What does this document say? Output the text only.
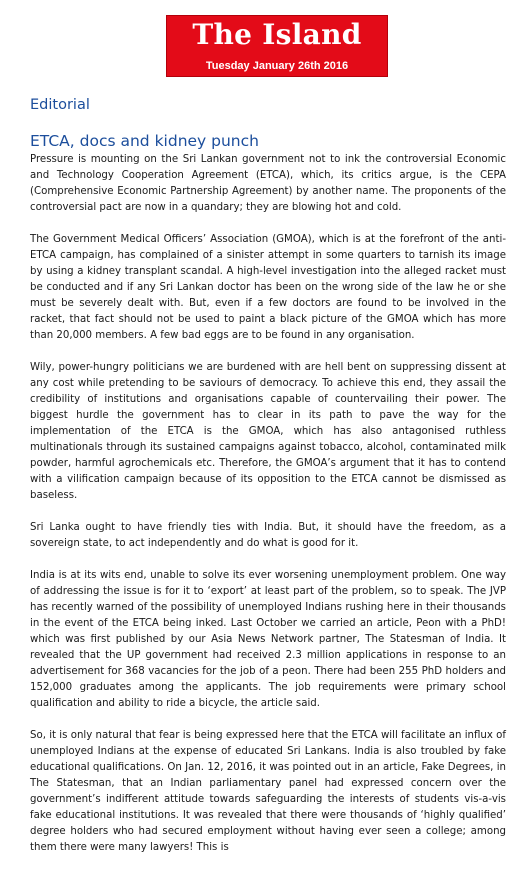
The Island
Tuesday January 26th 2016
Editorial
ETCA, docs and kidney punch

Pressure is mounting on the Sri Lankan government not to ink the controversial Economic and Technology Cooperation Agreement (ETCA), which, its critics argue, is the CEPA (Comprehensive Economic Partnership Agreement) by another name. The proponents of the controversial pact are now in a quandary; they are blowing hot and cold.

The Government Medical Officers’ Association (GMOA), which is at the forefront of the anti-ETCA campaign, has complained of a sinister attempt in some quarters to tarnish its image by using a kidney transplant scandal. A high-level investigation into the alleged racket must be conducted and if any Sri Lankan doctor has been on the wrong side of the law he or she must be severely dealt with. But, even if a few doctors are found to be involved in the racket, that fact should not be used to paint a black picture of the GMOA which has more than 20,000 members. A few bad eggs are to be found in any organisation.

Wily, power-hungry politicians we are burdened with are hell bent on suppressing dissent at any cost while pretending to be saviours of democracy. To achieve this end, they assail the credibility of institutions and organisations capable of countervailing their power. The biggest hurdle the government has to clear in its path to pave the way for the implementation of the ETCA is the GMOA, which has also antagonised ruthless multinationals through its sustained campaigns against tobacco, alcohol, contaminated milk powder, harmful agrochemicals etc. Therefore, the GMOA’s argument that it has to contend with a vilification campaign because of its opposition to the ETCA cannot be dismissed as baseless.

Sri Lanka ought to have friendly ties with India. But, it should have the freedom, as a sovereign state, to act independently and do what is good for it.

India is at its wits end, unable to solve its ever worsening unemployment problem. One way of addressing the issue is for it to ‘export’ at least part of the problem, so to speak. The JVP has recently warned of the possibility of unemployed Indians rushing here in their thousands in the event of the ETCA being inked. Last October we carried an article, Peon with a PhD! which was first published by our Asia News Network partner, The Statesman of India. It revealed that the UP government had received 2.3 million applications in response to an advertisement for 368 vacancies for the job of a peon. There had been 255 PhD holders and 152,000 graduates among the applicants. The job requirements were primary school qualification and ability to ride a bicycle, the article said.

So, it is only natural that fear is being expressed here that the ETCA will facilitate an influx of unemployed Indians at the expense of educated Sri Lankans. India is also troubled by fake educational qualifications. On Jan. 12, 2016, it was pointed out in an article, Fake Degrees, in The Statesman, that an Indian parliamentary panel had expressed concern over the government’s indifferent attitude towards safeguarding the interests of students vis-a-vis fake educational institutions. It was revealed that there were thousands of ‘highly qualified’ degree holders who had secured employment without having ever seen a college; among them there were many lawyers! This is
